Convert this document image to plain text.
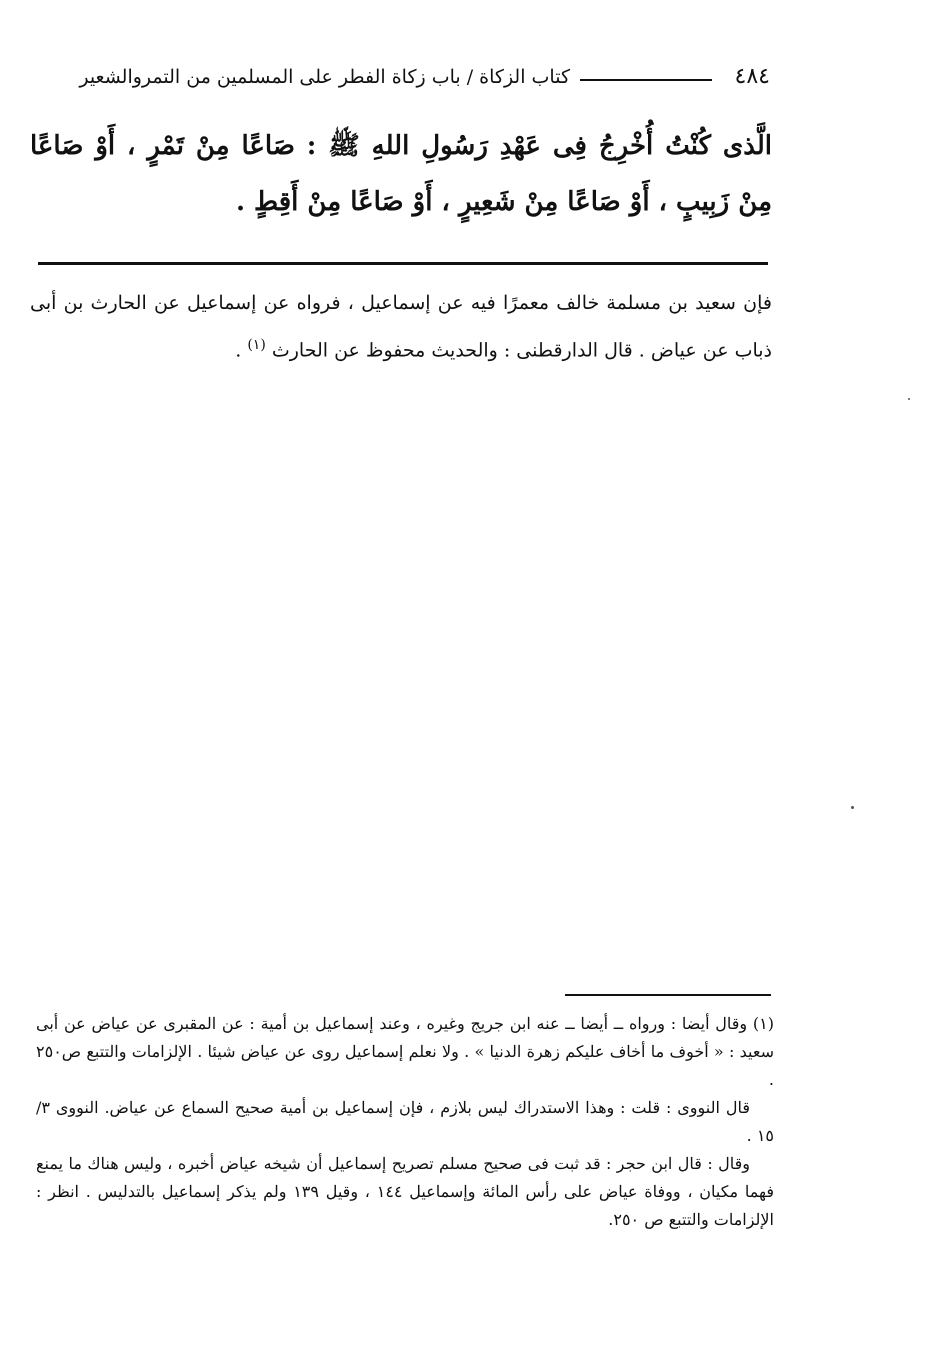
٤٨٤
كتاب الزكاة / باب زكاة الفطر على المسلمين من التمروالشعير
الَّذى كُنْتُ أُخْرِجُ فِى عَهْدِ رَسُولِ اللهِ ﷺ : صَاعًا مِنْ تَمْرٍ ، أَوْ صَاعًا مِنْ زَبِيبٍ ، أَوْ صَاعًا مِنْ شَعِيرٍ ، أَوْ صَاعًا مِنْ أَقِطٍ .
فإن سعيد بن مسلمة خالف معمرًا فيه عن إسماعيل ، فرواه عن إسماعيل عن الحارث بن أبى ذباب عن عياض . قال الدارقطنى : والحديث محفوظ عن الحارث $^{(١)}$ .

(١) وقال أيضا : ورواه ــ أيضا ــ عنه ابن جريج وغيره ، وعند إسماعيل بن أمية : عن المقبرى عن عياض عن أبى سعيد : « أخوف ما أخاف عليكم زهرة الدنيا » . ولا نعلم إسماعيل روى عن عياض شيئا . الإلزامات والتتبع ص٢٥٠ .

قال النووى : قلت : وهذا الاستدراك ليس بلازم ، فإن إسماعيل بن أمية صحيح السماع عن عياض. النووى ٣/ ١٥ .

وقال : قال ابن حجر : قد ثبت فى صحيح مسلم تصريح إسماعيل أن شيخه عياض أخبره ، وليس هناك ما يمنع فهما مكيان ، ووفاة عياض على رأس المائة وإسماعيل ١٤٤ ، وقيل ١٣٩ ولم يذكر إسماعيل بالتدليس . انظر : الإلزامات والتتبع ص ٢٥٠.
